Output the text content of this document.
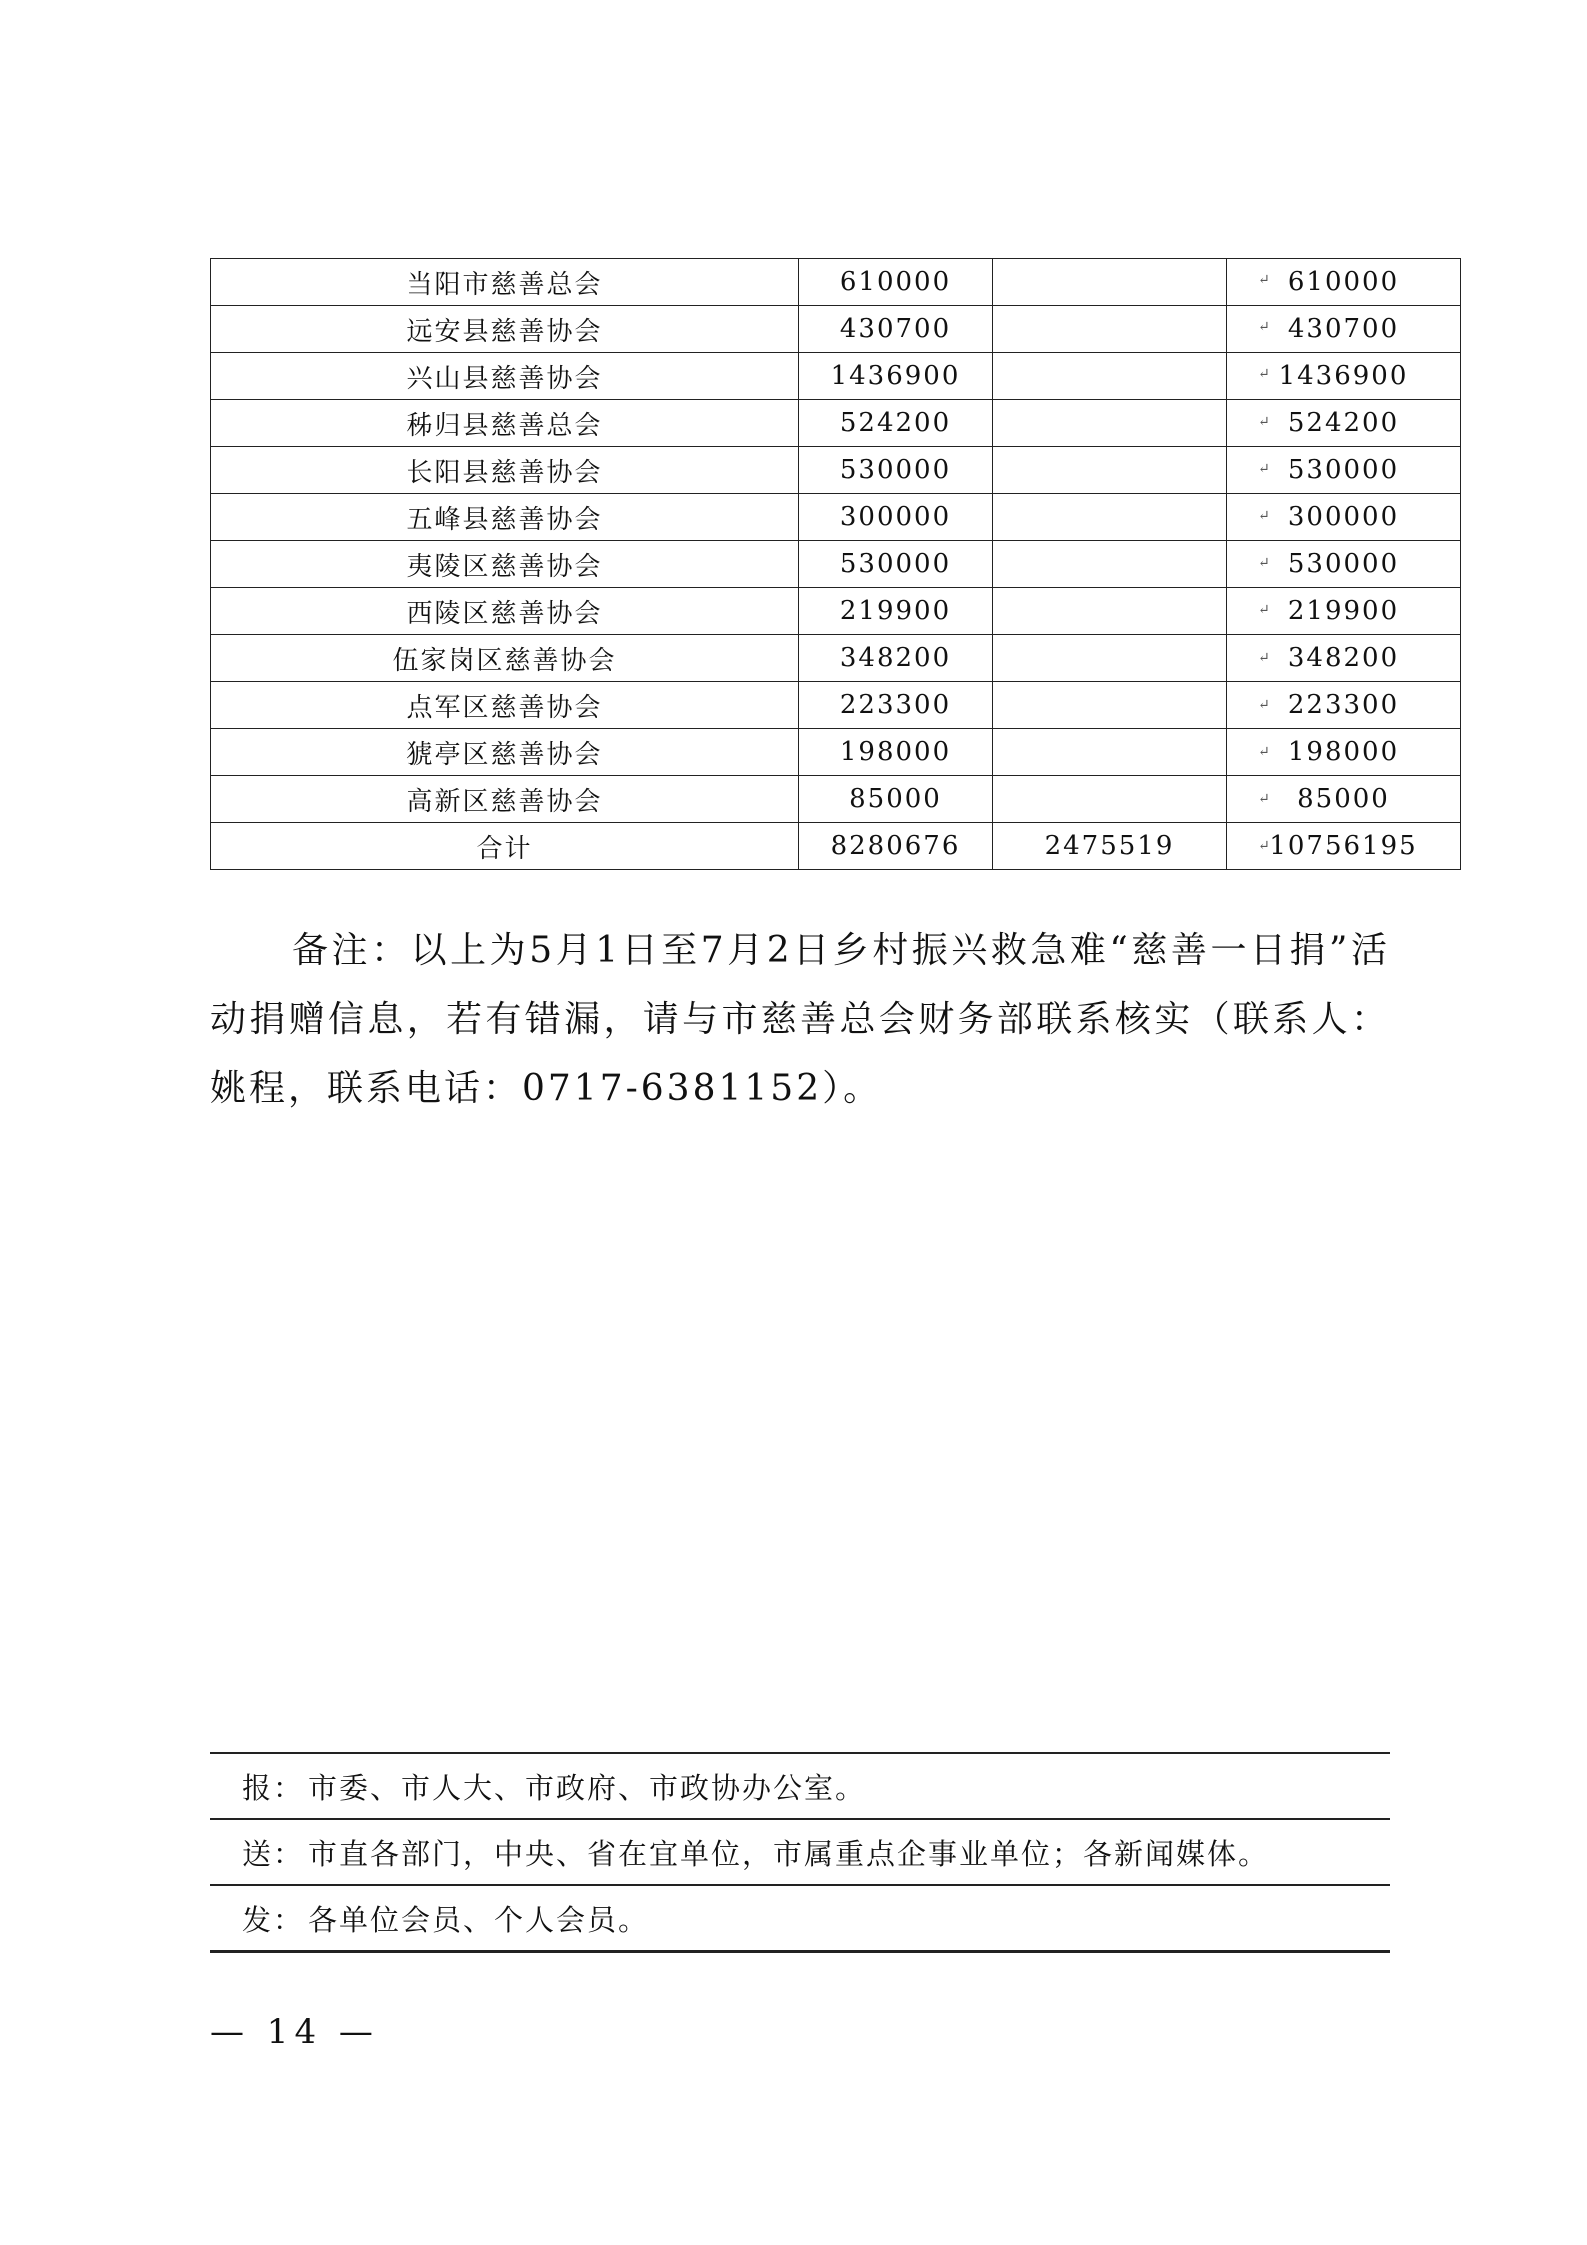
当阳市慈善总会	610000		610000
远安县慈善协会	430700		430700
兴山县慈善协会	1436900		1436900
秭归县慈善总会	524200		524200
长阳县慈善协会	530000		530000
五峰县慈善协会	300000		300000
夷陵区慈善协会	530000		530000
西陵区慈善协会	219900		219900
伍家岗区慈善协会	348200		348200
点军区慈善协会	223300		223300
猇亭区慈善协会	198000		198000
高新区慈善协会	85000		85000
合计	8280676	2475519	10756195
↵
↵
↵
↵
↵
↵
↵
↵
↵
↵
↵
↵
↵

备注：以上为5月1日至7月2日乡村振兴救急难“慈善一日捐”活动捐赠信息，若有错漏，请与市慈善总会财务部联系核实（联系人：姚程，联系电话：0717-6381152）。

报： 市委、市人大、市政府、市政协办公室。
送： 市直各部门，中央、省在宜单位，市属重点企事业单位；各新闻媒体。
发： 各单位会员、个人会员。
— 14 —
